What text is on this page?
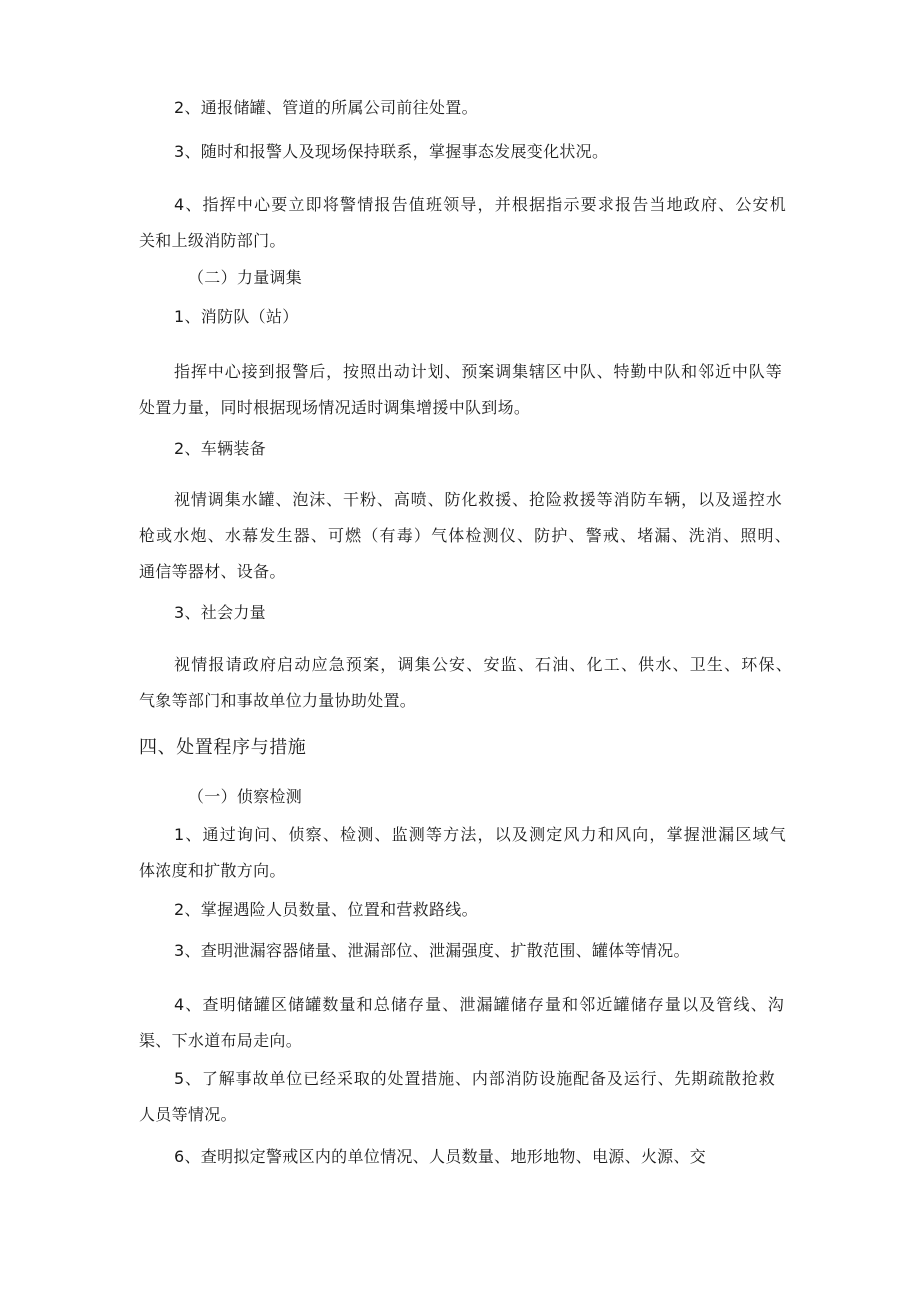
2、通报储罐、管道的所属公司前往处置。
3、随时和报警人及现场保持联系，掌握事态发展变化状况。
4、指挥中心要立即将警情报告值班领导，并根据指示要求报告当地政府、公安机
关和上级消防部门。
（二）力量调集
1、消防队（站）
指挥中心接到报警后，按照出动计划、预案调集辖区中队、特勤中队和邻近中队等
处置力量，同时根据现场情况适时调集增援中队到场。
2、车辆装备
视情调集水罐、泡沫、干粉、高喷、防化救援、抢险救援等消防车辆，以及遥控水
枪或水炮、水幕发生器、可燃（有毒）气体检测仪、防护、警戒、堵漏、洗消、照明、
通信等器材、设备。
3、社会力量
视情报请政府启动应急预案，调集公安、安监、石油、化工、供水、卫生、环保、
气象等部门和事故单位力量协助处置。
四、处置程序与措施
（一）侦察检测
1、通过询问、侦察、检测、监测等方法，以及测定风力和风向，掌握泄漏区域气
体浓度和扩散方向。
2、掌握遇险人员数量、位置和营救路线。
3、查明泄漏容器储量、泄漏部位、泄漏强度、扩散范围、罐体等情况。
4、查明储罐区储罐数量和总储存量、泄漏罐储存量和邻近罐储存量以及管线、沟
渠、下水道布局走向。
5、了解事故单位已经采取的处置措施、内部消防设施配备及运行、先期疏散抢救
人员等情况。
6、查明拟定警戒区内的单位情况、人员数量、地形地物、电源、火源、交
